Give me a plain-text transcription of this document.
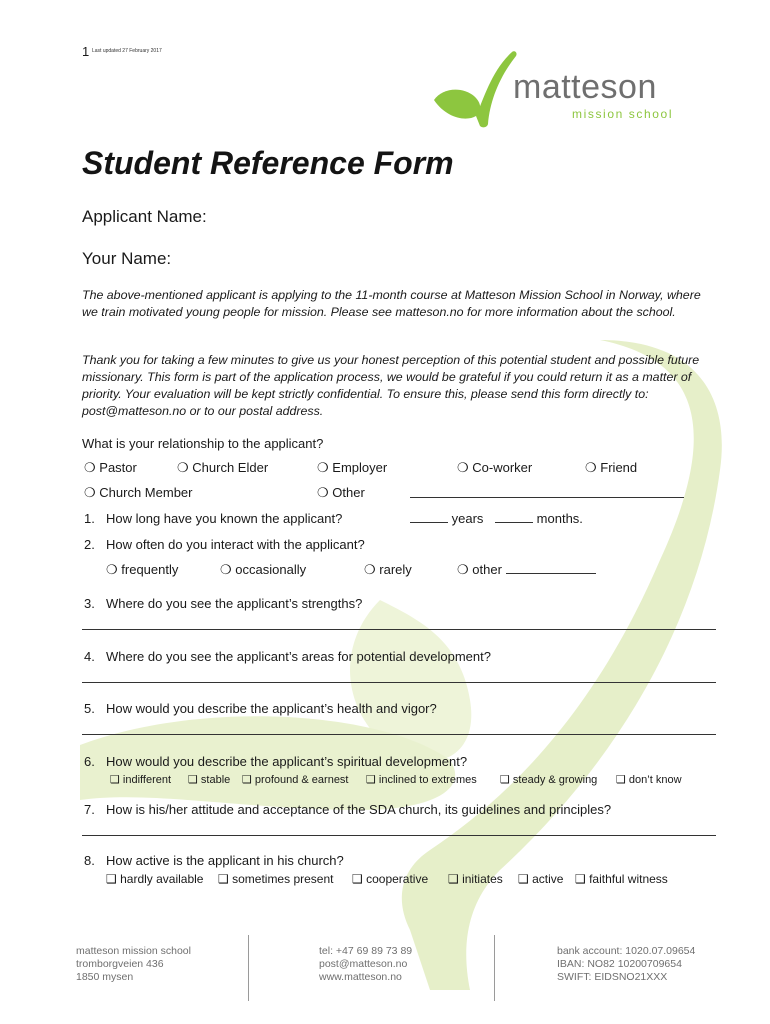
1 Last updated 27 February 2017
matteson
mission school
Student Reference Form
Applicant Name:
Your Name:
The above-mentioned applicant is applying to the 11-month course at Matteson Mission School in Norway, where we train motivated young people for mission. Please see matteson.no for more information about the school.
Thank you for taking a few minutes to give us your honest perception of this potential student and possible future missionary. This form is part of the application process, we would be grateful if you could return it as a matter of priority. Your evaluation will be kept strictly confidential. To ensure this, please send this form directly to: post@matteson.no or to our postal address.
What is your relationship to the applicant?
❍ Pastor	❍ Church Elder	❍ Employer	❍ Co-worker	❍ Friend
❍ Church Member	❍ Other
1. How long have you known the applicant?	years	months.
2. How often do you interact with the applicant?
❍ frequently	❍ occasionally	❍ rarely	❍ other
3. Where do you see the applicant’s strengths?
4. Where do you see the applicant’s areas for potential development?
5. How would you describe the applicant’s health and vigor?
6. How would you describe the applicant’s spiritual development?
❑ indifferent ❑ stable ❑ profound & earnest ❑ inclined to extremes ❑ steady & growing ❑ don’t know
7. How is his/her attitude and acceptance of the SDA church, its guidelines and principles?
8. How active is the applicant in his church?
❑ hardly available ❑ sometimes present ❑ cooperative ❑ initiates ❑ active ❑ faithful witness
matteson mission school
tromborgveien 436
1850 mysen
tel: +47 69 89 73 89
post@matteson.no
www.matteson.no
bank account: 1020.07.09654
IBAN: NO82 10200709654
SWIFT: EIDSNO21XXX
